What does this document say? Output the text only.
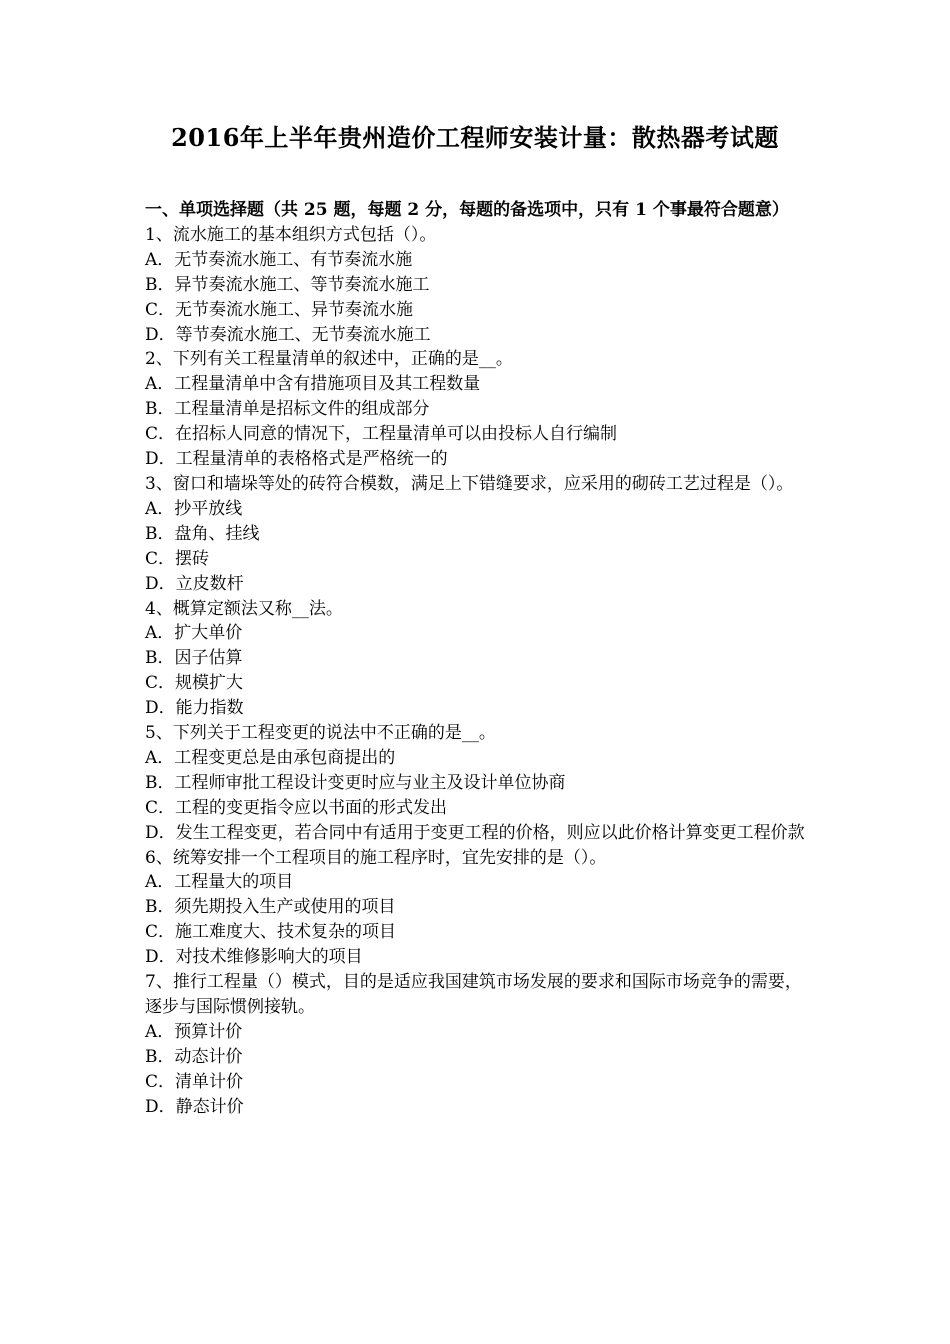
2016年上半年贵州造价工程师安装计量：散热器考试题
一、单项选择题（共 25 题，每题 2 分，每题的备选项中，只有 1 个事最符合题意）
1、流水施工的基本组织方式包括（）。
A．无节奏流水施工、有节奏流水施
B．异节奏流水施工、等节奏流水施工
C．无节奏流水施工、异节奏流水施
D．等节奏流水施工、无节奏流水施工
2、下列有关工程量清单的叙述中，正确的是__。
A．工程量清单中含有措施项目及其工程数量
B．工程量清单是招标文件的组成部分
C．在招标人同意的情况下，工程量清单可以由投标人自行编制
D．工程量清单的表格格式是严格统一的
3、窗口和墙垛等处的砖符合模数，满足上下错缝要求，应采用的砌砖工艺过程是（）。
A．抄平放线
B．盘角、挂线
C．摆砖
D．立皮数杆
4、概算定额法又称__法。
A．扩大单价
B．因子估算
C．规模扩大
D．能力指数
5、下列关于工程变更的说法中不正确的是__。
A．工程变更总是由承包商提出的
B．工程师审批工程设计变更时应与业主及设计单位协商
C．工程的变更指令应以书面的形式发出
D．发生工程变更，若合同中有适用于变更工程的价格，则应以此价格计算变更工程价款
6、统筹安排一个工程项目的施工程序时，宜先安排的是（）。
A．工程量大的项目
B．须先期投入生产或使用的项目
C．施工难度大、技术复杂的项目
D．对技术维修影响大的项目
7、推行工程量（）模式，目的是适应我国建筑市场发展的要求和国际市场竞争的需要，逐步与国际惯例接轨。
A．预算计价
B．动态计价
C．清单计价
D．静态计价
